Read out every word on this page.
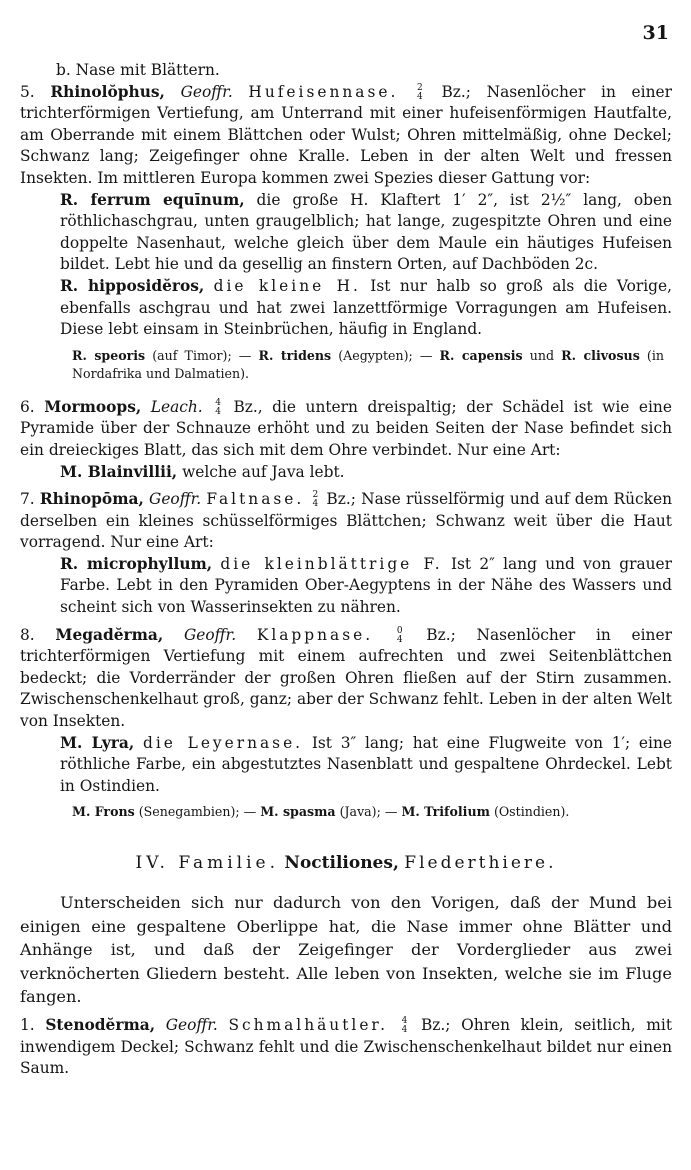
31

b. Nase mit Blättern.

5. Rhinolŏphus, Geoffr. Hufeisennase. 2
4 Bz.; Nasenlöcher in einer trichterförmigen Vertiefung, am Unterrand mit einer hufeisenförmigen Hautfalte, am Oberrande mit einem Blättchen oder Wulst; Ohren mittelmäßig, ohne Deckel; Schwanz lang; Zeigefinger ohne Kralle. Leben in der alten Welt und fressen Insekten. Im mittleren Europa kommen zwei Spezies dieser Gattung vor:

R. ferrum equīnum, die große H. Klaftert 1′ 2″, ist 2½″ lang, oben röthlichaschgrau, unten graugelblich; hat lange, zugespitzte Ohren und eine doppelte Nasenhaut, welche gleich über dem Maule ein häutiges Hufeisen bildet. Lebt hie und da gesellig an finstern Orten, auf Dachböden 2c.

R. hipposidĕros, die kleine H. Ist nur halb so groß als die Vorige, ebenfalls aschgrau und hat zwei lanzettförmige Vorragungen am Hufeisen. Diese lebt einsam in Steinbrüchen, häufig in England.

R. speoris (auf Timor); — R. tridens (Aegypten); — R. capensis und R. clivosus (in Nordafrika und Dalmatien).

6. Mormoops, Leach. 4
4 Bz., die untern dreispaltig; der Schädel ist wie eine Pyramide über der Schnauze erhöht und zu beiden Seiten der Nase befindet sich ein dreieckiges Blatt, das sich mit dem Ohre verbindet. Nur eine Art:

M. Blainvillii, welche auf Java lebt.

7. Rhinopōma, Geoffr. Faltnase. 2
4 Bz.; Nase rüsselförmig und auf dem Rücken derselben ein kleines schüsselförmiges Blättchen; Schwanz weit über die Haut vorragend. Nur eine Art:

R. microphyllum, die kleinblättrige F. Ist 2″ lang und von grauer Farbe. Lebt in den Pyramiden Ober-Aegyptens in der Nähe des Wassers und scheint sich von Wasserinsekten zu nähren.

8. Megadĕrma, Geoffr. Klappnase.	0
4 Bz.; Nasenlöcher in einer trichterförmigen Vertiefung mit einem aufrechten und zwei Seitenblättchen bedeckt; die Vorderränder der großen Ohren fließen auf der Stirn zusammen. Zwischenschenkelhaut groß, ganz; aber der Schwanz fehlt. Leben in der alten Welt von Insekten.

M. Lyra, die Leyernase. Ist 3″ lang; hat eine Flugweite von 1′; eine röthliche Farbe, ein abgestutztes Nasenblatt und gespaltene Ohrdeckel. Lebt in Ostindien.

M. Frons (Senegambien); — M. spasma (Java); — M. Trifolium (Ostindien).

IV. Familie. Noctiliones, Flederthiere.

Unterscheiden sich nur dadurch von den Vorigen, daß der Mund bei einigen eine gespaltene Oberlippe hat, die Nase immer ohne Blätter und Anhänge ist, und daß der Zeigefinger der Vorderglieder aus zwei verknöcherten Gliedern besteht. Alle leben von Insekten, welche sie im Fluge fangen.

1. Stenodĕrma, Geoffr. Schmalhäutler. 4
4 Bz.; Ohren klein, seitlich, mit inwendigem Deckel; Schwanz fehlt und die Zwischenschenkelhaut bildet nur einen Saum.
